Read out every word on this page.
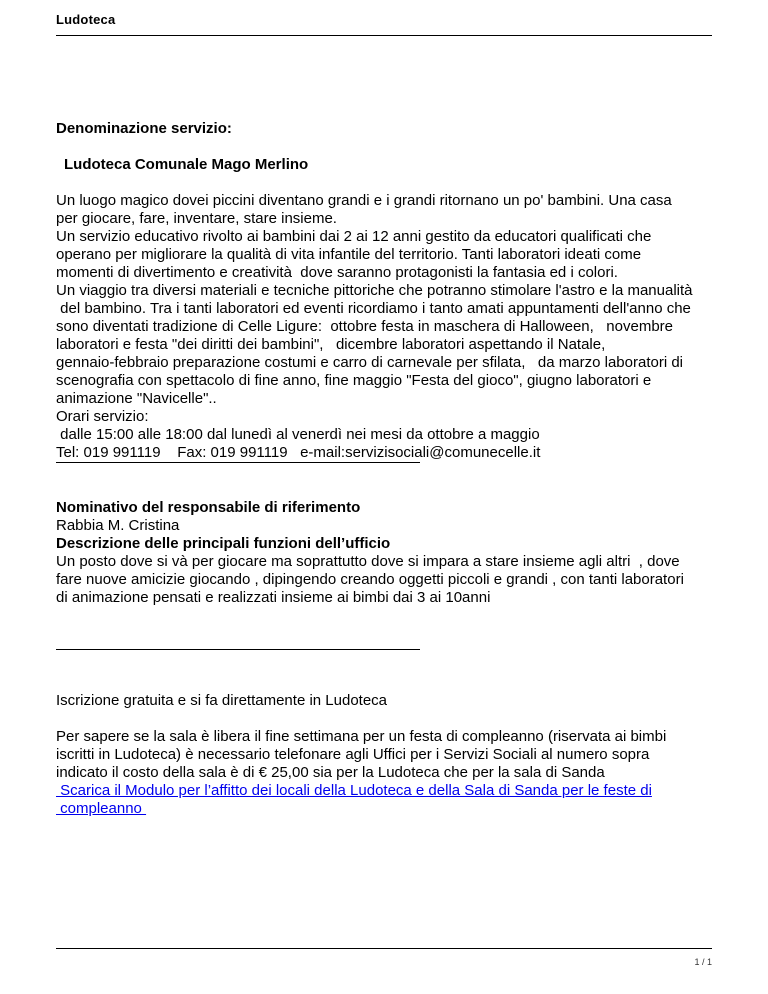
Ludoteca
Denominazione servizio:
Ludoteca Comunale Mago Merlino
Un luogo magico dovei piccini diventano grandi e i grandi ritornano un po' bambini. Una casa
per giocare, fare, inventare, stare insieme.
Un servizio educativo rivolto ai bambini dai 2 ai 12 anni gestito da educatori qualificati che
operano per migliorare la qualità di vita infantile del territorio. Tanti laboratori ideati come
momenti di divertimento e creatività  dove saranno protagonisti la fantasia ed i colori.
Un viaggio tra diversi materiali e tecniche pittoriche che potranno stimolare l'astro e la manualità
del bambino. Tra i tanti laboratori ed eventi ricordiamo i tanto amati appuntamenti dell'anno che
sono diventati tradizione di Celle Ligure:  ottobre festa in maschera di Halloween,   novembre
laboratori e festa "dei diritti dei bambini",   dicembre laboratori aspettando il Natale,
gennaio-febbraio preparazione costumi e carro di carnevale per sfilata,   da marzo laboratori di
scenografia con spettacolo di fine anno, fine maggio "Festa del gioco", giugno laboratori e
animazione "Navicelle"..
Orari servizio:
dalle 15:00 alle 18:00 dal lunedì al venerdì nei mesi da ottobre a maggio
Tel: 019 991119    Fax: 019 991119   e-mail:servizisociali@comunecelle.it
Nominativo del responsabile di riferimento
Rabbia M. Cristina
Descrizione delle principali funzioni dell’ufficio
Un posto dove si và per giocare ma soprattutto dove si impara a stare insieme agli altri  , dove
fare nuove amicizie giocando , dipingendo creando oggetti piccoli e grandi , con tanti laboratori
di animazione pensati e realizzati insieme ai bimbi dai 3 ai 10anni
Iscrizione gratuita e si fa direttamente in Ludoteca
Per sapere se la sala è libera il fine settimana per un festa di compleanno (riservata ai bimbi
iscritti in Ludoteca) è necessario telefonare agli Uffici per i Servizi Sociali al numero sopra
indicato il costo della sala è di € 25,00 sia per la Ludoteca che per la sala di Sanda
Scarica il Modulo per l’affitto dei locali della Ludoteca e della Sala di Sanda per le feste di
compleanno
1 / 1
